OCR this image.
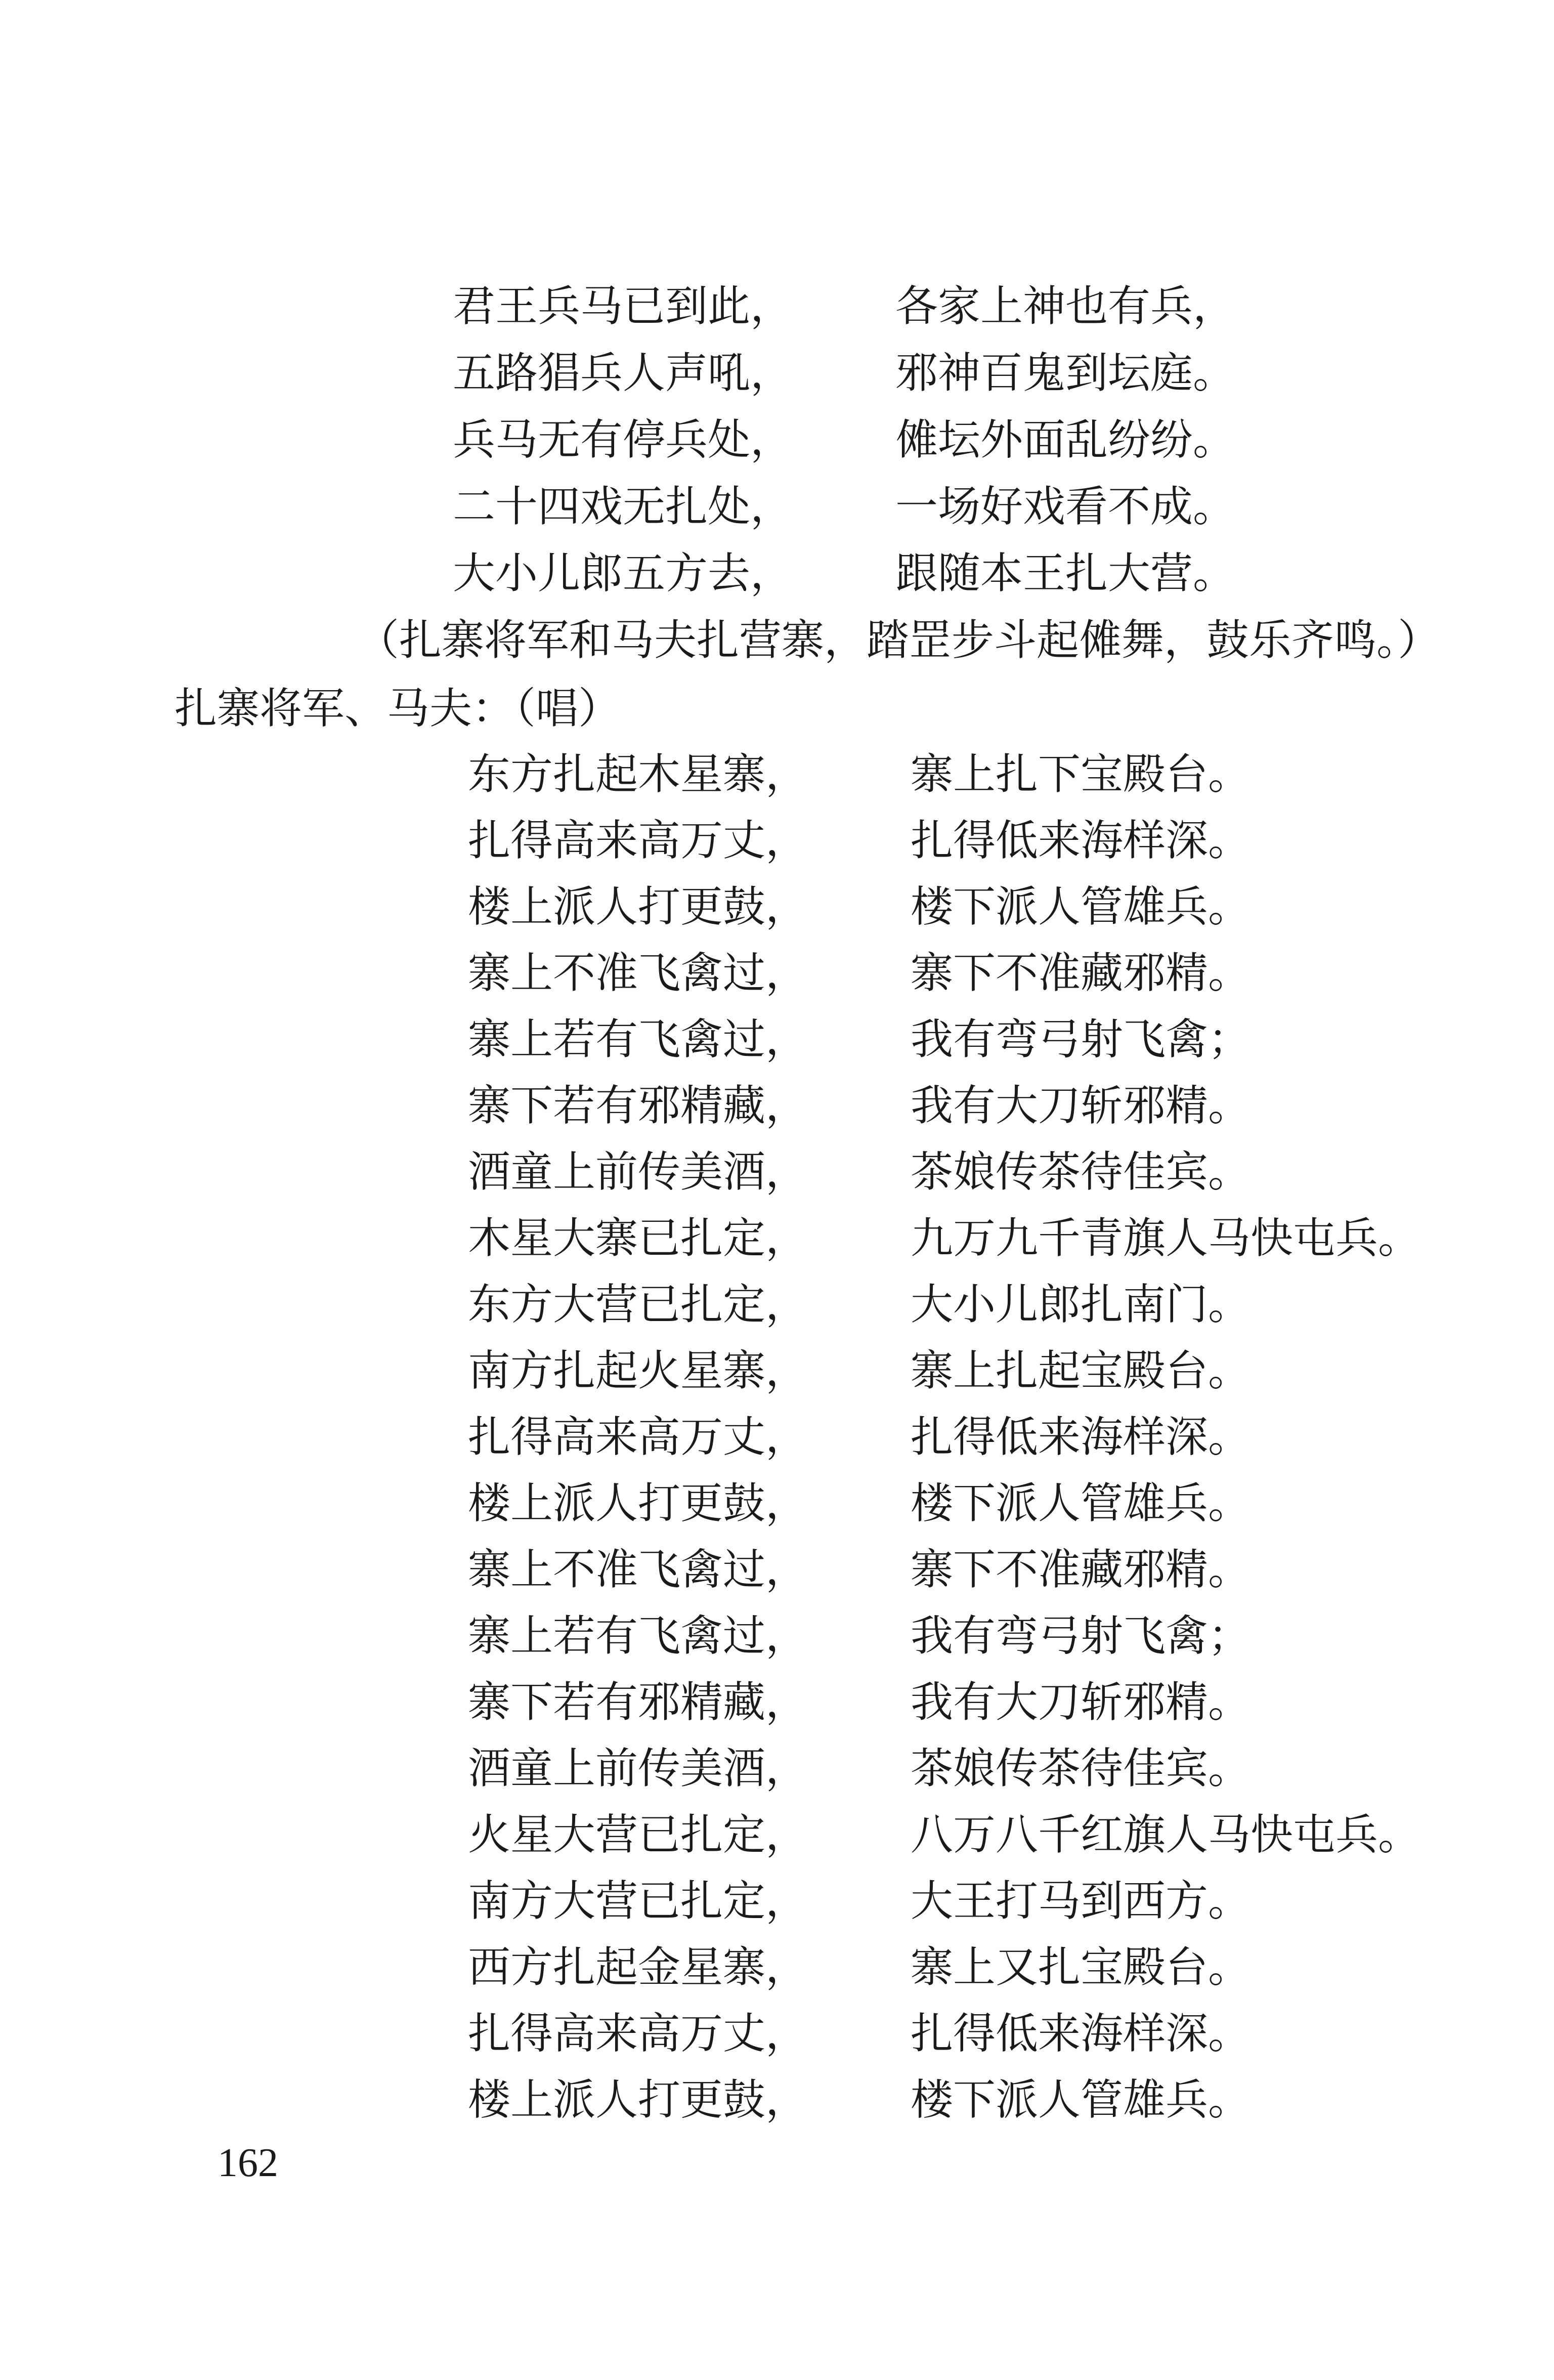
君王兵马已到此， 各家上神也有兵，
五路猖兵人声吼， 邪神百鬼到坛庭。
兵马无有停兵处， 傩坛外面乱纷纷。
二十四戏无扎处， 一场好戏看不成。
大小儿郎五方去， 跟随本王扎大营。
（扎寨将军和马夫扎营寨，踏罡步斗起傩舞，鼓乐齐鸣。）
扎寨将军、马夫：（唱）
东方扎起木星寨， 寨上扎下宝殿台。
扎得高来高万丈， 扎得低来海样深。
楼上派人打更鼓， 楼下派人管雄兵。
寨上不准飞禽过， 寨下不准藏邪精。
寨上若有飞禽过， 我有弯弓射飞禽；
寨下若有邪精藏， 我有大刀斩邪精。
酒童上前传美酒， 茶娘传茶待佳宾。
木星大寨已扎定， 九万九千青旗人马快屯兵。
东方大营已扎定， 大小儿郎扎南门。
南方扎起火星寨， 寨上扎起宝殿台。
扎得高来高万丈， 扎得低来海样深。
楼上派人打更鼓， 楼下派人管雄兵。
寨上不准飞禽过， 寨下不准藏邪精。
寨上若有飞禽过， 我有弯弓射飞禽；
寨下若有邪精藏， 我有大刀斩邪精。
酒童上前传美酒， 茶娘传茶待佳宾。
火星大营已扎定， 八万八千红旗人马快屯兵。
南方大营已扎定， 大王打马到西方。
西方扎起金星寨， 寨上又扎宝殿台。
扎得高来高万丈， 扎得低来海样深。
楼上派人打更鼓， 楼下派人管雄兵。
162
